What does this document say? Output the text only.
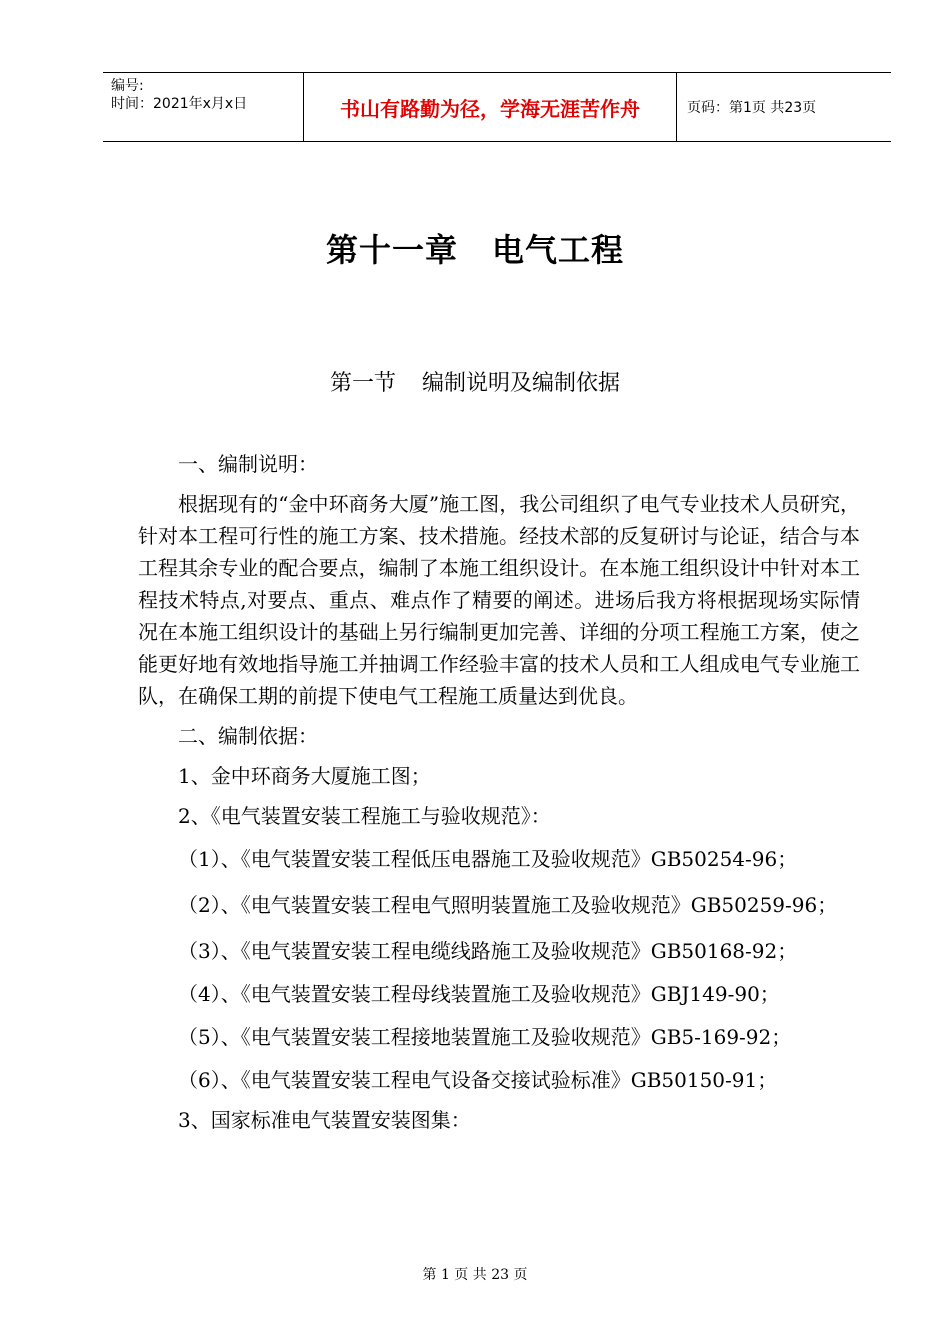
编号:
时间：2021年x月x日	书山有路勤为径，学海无涯苦作舟	页码：第1页 共23页
第十一章 电气工程
第一节 编制说明及编制依据

一、编制说明：

根据现有的“金中环商务大厦”施工图，我公司组织了电气专业技术人员研究，针对本工程可行性的施工方案、技术措施。经技术部的反复研讨与论证，结合与本工程其余专业的配合要点，编制了本施工组织设计。在本施工组织设计中针对本工程技术特点,对要点、重点、难点作了精要的阐述。进场后我方将根据现场实际情况在本施工组织设计的基础上另行编制更加完善、详细的分项工程施工方案，使之能更好地有效地指导施工并抽调工作经验丰富的技术人员和工人组成电气专业施工队，在确保工期的前提下使电气工程施工质量达到优良。

二、编制依据：

1、金中环商务大厦施工图；

2、《电气装置安装工程施工与验收规范》：

（1）、《电气装置安装工程低压电器施工及验收规范》GB50254-96；

（2）、《电气装置安装工程电气照明装置施工及验收规范》GB50259-96；

（3）、《电气装置安装工程电缆线路施工及验收规范》GB50168-92；

（4）、《电气装置安装工程母线装置施工及验收规范》GBJ149-90；

（5）、《电气装置安装工程接地装置施工及验收规范》GB5-169-92；

（6）、《电气装置安装工程电气设备交接试验标准》GB50150-91；

3、国家标准电气装置安装图集：

第 1 页 共 23 页
